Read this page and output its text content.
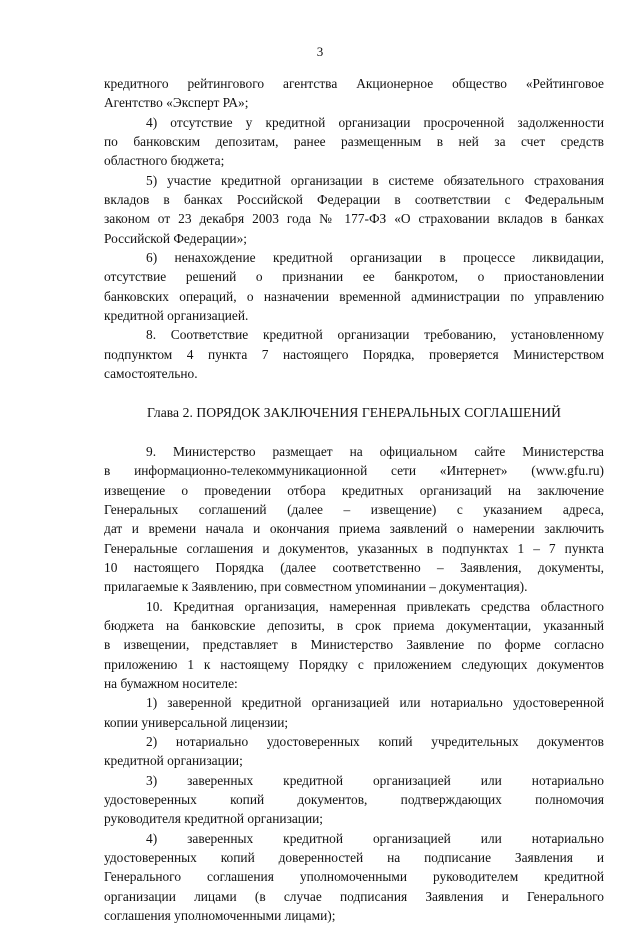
3
кредитного рейтингового агентства Акционерное общество «Рейтинговое
Агентство «Эксперт РА»;
4) отсутствие у кредитной организации просроченной задолженности
по банковским депозитам, ранее размещенным в ней за счет средств
областного бюджета;
5) участие кредитной организации в системе обязательного страхования
вкладов в банках Российской Федерации в соответствии с Федеральным
законом от 23 декабря 2003 года № 177-ФЗ «О страховании вкладов в банках
Российской Федерации»;
6) ненахождение кредитной организации в процессе ликвидации,
отсутствие решений о признании ее банкротом, о приостановлении
банковских операций, о назначении временной администрации по управлению
кредитной организацией.
8. Соответствие кредитной организации требованию, установленному
подпунктом 4 пункта 7 настоящего Порядка, проверяется Министерством
самостоятельно.
Глава 2. ПОРЯДОК ЗАКЛЮЧЕНИЯ ГЕНЕРАЛЬНЫХ СОГЛАШЕНИЙ
9. Министерство размещает на официальном сайте Министерства
в информационно-телекоммуникационной сети «Интернет» (www.gfu.ru)
извещение о проведении отбора кредитных организаций на заключение
Генеральных соглашений (далее – извещение) с указанием адреса,
дат и времени начала и окончания приема заявлений о намерении заключить
Генеральные соглашения и документов, указанных в подпунктах 1 – 7 пункта
10 настоящего Порядка (далее соответственно – Заявления, документы,
прилагаемые к Заявлению, при совместном упоминании – документация).
10. Кредитная организация, намеренная привлекать средства областного
бюджета на банковские депозиты, в срок приема документации, указанный
в извещении, представляет в Министерство Заявление по форме согласно
приложению 1 к настоящему Порядку с приложением следующих документов
на бумажном носителе:
1) заверенной кредитной организацией или нотариально удостоверенной
копии универсальной лицензии;
2) нотариально удостоверенных копий учредительных документов
кредитной организации;
3) заверенных кредитной организацией или нотариально
удостоверенных копий документов, подтверждающих полномочия
руководителя кредитной организации;
4) заверенных кредитной организацией или нотариально
удостоверенных копий доверенностей на подписание Заявления и
Генерального соглашения уполномоченными руководителем кредитной
организации лицами (в случае подписания Заявления и Генерального
соглашения уполномоченными лицами);
